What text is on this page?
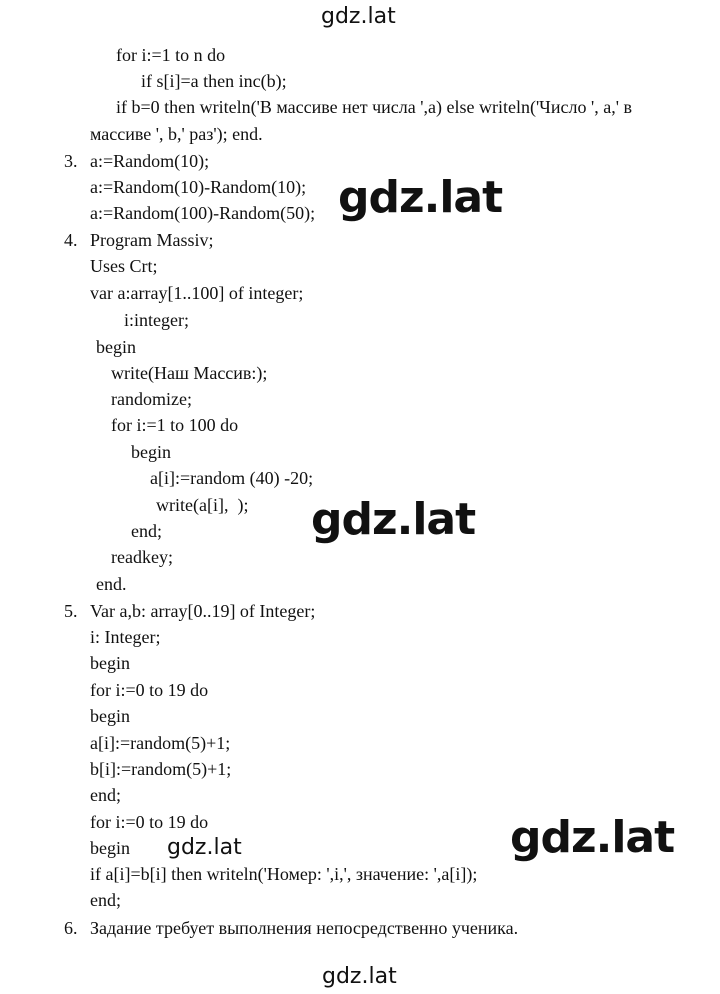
gdz.lat
for i:=1 to n do
if s[i]=a then inc(b);
if b=0 then writeln('В массиве нет числа ',a) else writeln('Число ', a,' в
массиве ', b,' раз'); end.
3. a:=Random(10);
a:=Random(10)-Random(10);
a:=Random(100)-Random(50); gdz.lat
4. Program Massiv;
Uses Crt;
var a:array[1..100] of integer;
i:integer;
begin
write(Наш Массив:);
randomize;
for i:=1 to 100 do
begin
a[i]:=random (40) -20;
write(a[i],  );
end;
readkey;
end.
gdz.lat
5. Var a,b: array[0..19] of Integer;
i: Integer;
begin
for i:=0 to 19 do
begin
a[i]:=random(5)+1;
b[i]:=random(5)+1;
end;
for i:=0 to 19 do
begin gdz.lat
if a[i]=b[i] then writeln('Номер: ',i,', значение: ',a[i]);
end;
gdz.lat
6. Задание требует выполнения непосредственно ученика.
gdz.lat
